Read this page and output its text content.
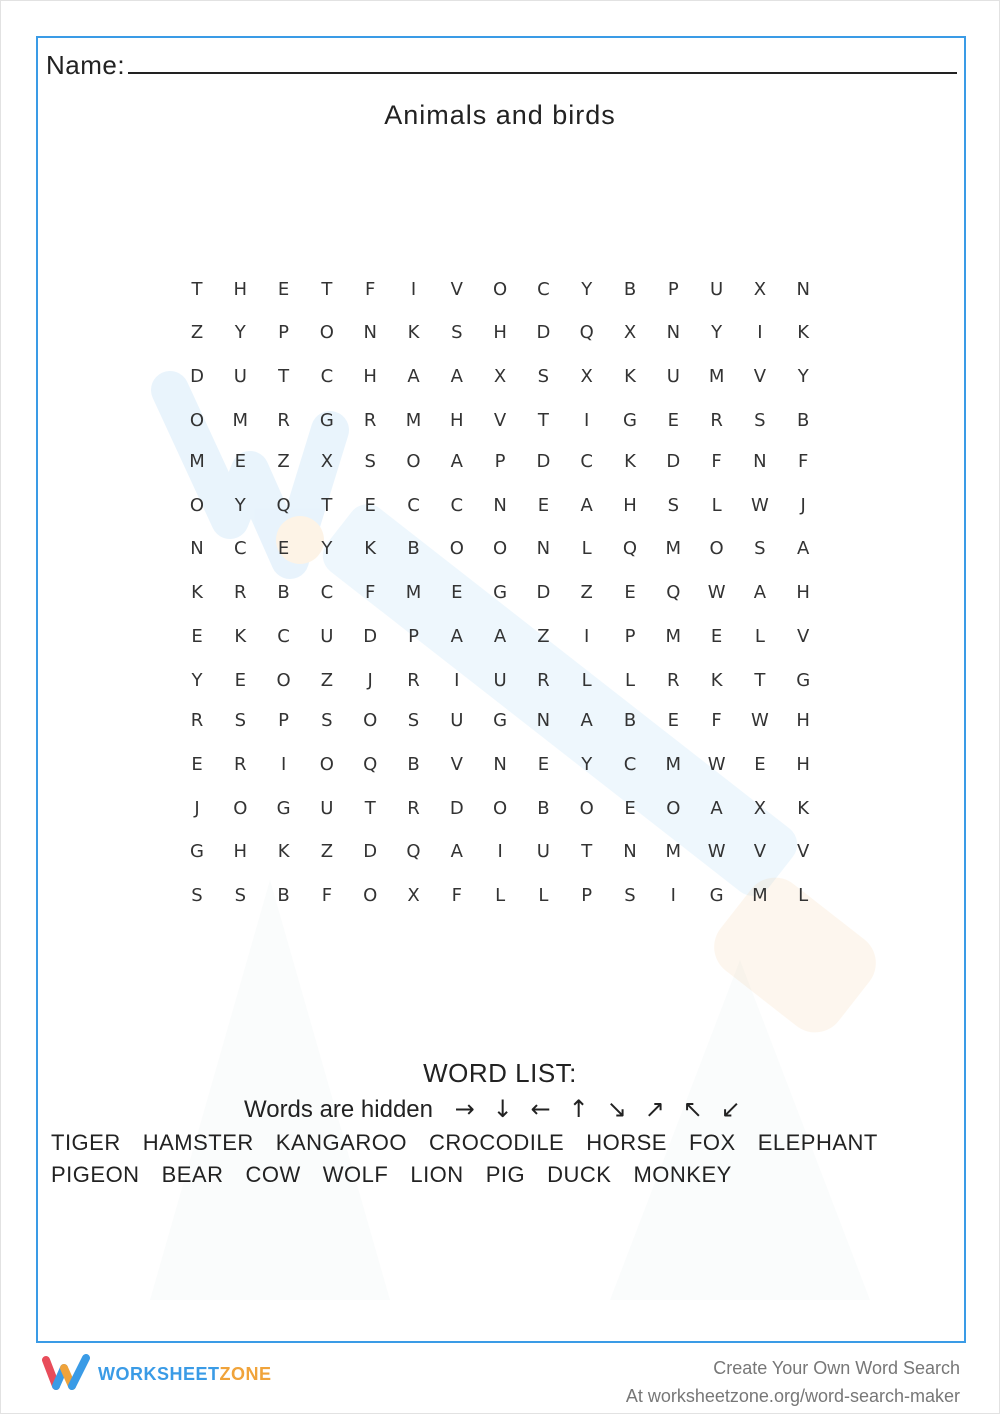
Name:
Animals and birds
T	H	E	T	F	I	V	O	C	Y	B	P	U	X	N
Z	Y	P	O	N	K	S	H	D	Q	X	N	Y	I	K
D	U	T	C	H	A	A	X	S	X	K	U	M	V	Y
O	M	R	G	R	M	H	V	T	I	G	E	R	S	B
M	E	Z	X	S	O	A	P	D	C	K	D	F	N	F
O	Y	Q	T	E	C	C	N	E	A	H	S	L	W	J
N	C	E	Y	K	B	O	O	N	L	Q	M	O	S	A
K	R	B	C	F	M	E	G	D	Z	E	Q	W	A	H
E	K	C	U	D	P	A	A	Z	I	P	M	E	L	V
Y	E	O	Z	J	R	I	U	R	L	L	R	K	T	G
R	S	P	S	O	S	U	G	N	A	B	E	F	W	H
E	R	I	O	Q	B	V	N	E	Y	C	M	W	E	H
J	O	G	U	T	R	D	O	B	O	E	O	A	X	K
G	H	K	Z	D	Q	A	I	U	T	N	M	W	V	V
S	S	B	F	O	X	F	L	L	P	S	I	G	M	L
WORD LIST:
Words are hidden → ↓ ← ↑ ↘ ↗ ↖ ↙
TIGER HAMSTER KANGAROO CROCODILE HORSE FOX ELEPHANT
PIGEON BEAR COW WOLF LION PIG DUCK MONKEY
WORKSHEETZONE	Create Your Own Word Search
At worksheetzone.org/word-search-maker
